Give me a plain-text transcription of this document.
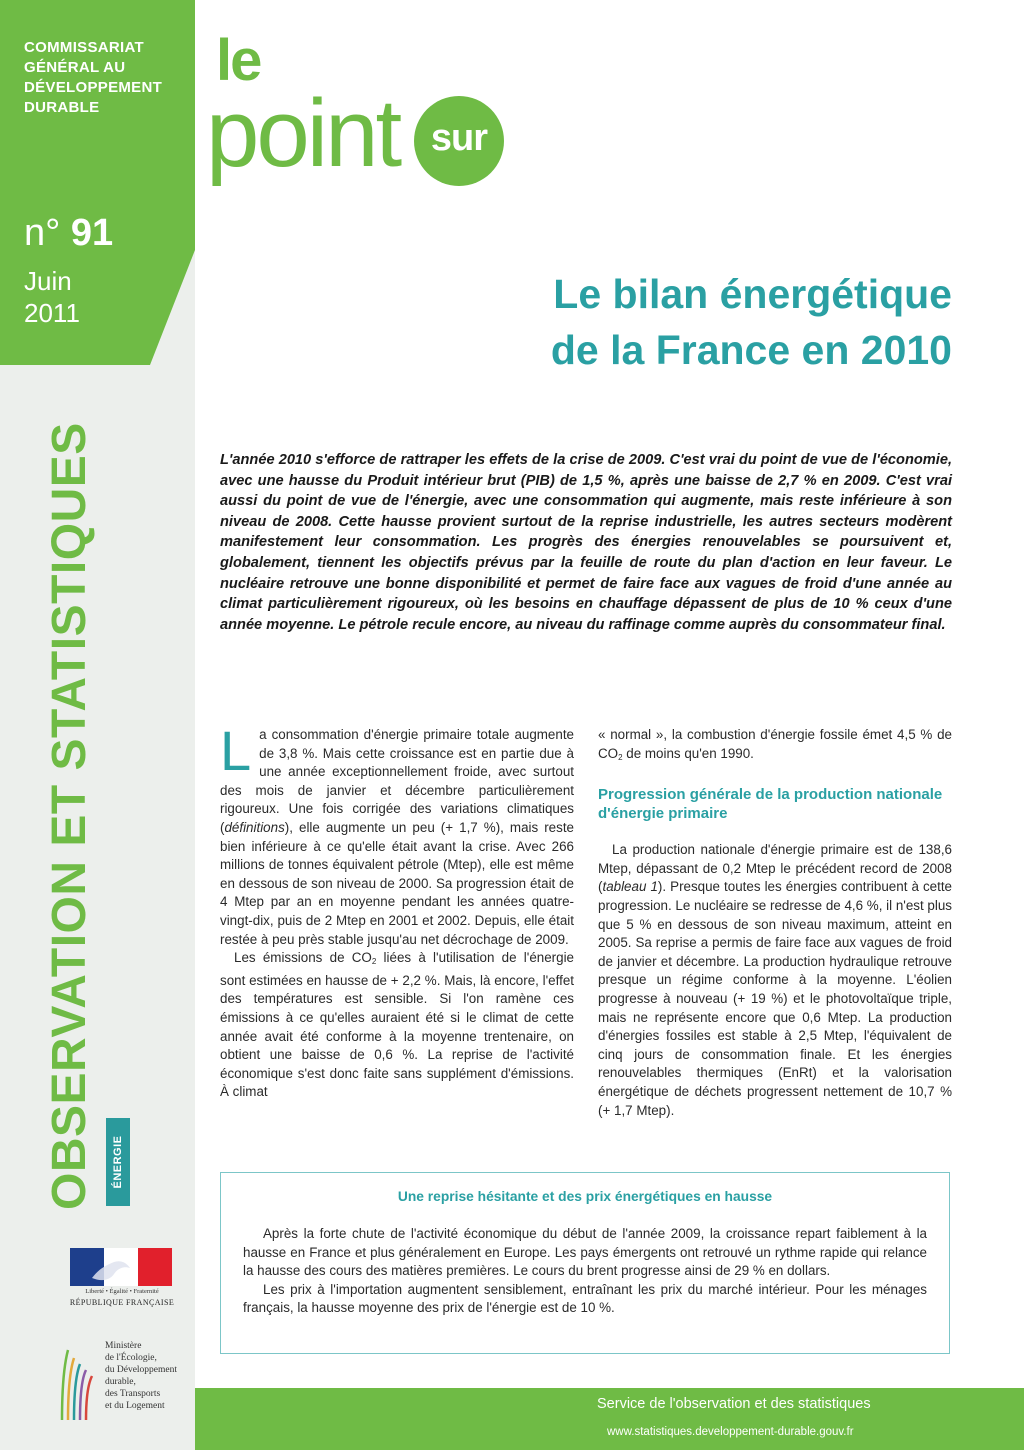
COMMISSARIAT
GÉNÉRAL AU
DÉVELOPPEMENT
DURABLE
n° 91
Juin
2011
OBSERVATION ET STATISTIQUES	ÉNERGIE
Liberté • Égalité • Fraternité
RÉPUBLIQUE FRANÇAISE
Ministère
de l'Écologie,
du Développement
durable,
des Transports
et du Logement
le
point sur
Le bilan énergétique
de la France en 2010
L'année 2010 s'efforce de rattraper les effets de la crise de 2009. C'est vrai du point de vue de l'économie, avec une hausse du Produit intérieur brut (PIB) de 1,5 %, après une baisse de 2,7 % en 2009. C'est vrai aussi du point de vue de l'énergie, avec une consommation qui augmente, mais reste inférieure à son niveau de 2008. Cette hausse provient surtout de la reprise industrielle, les autres secteurs modèrent manifestement leur consommation. Les progrès des énergies renouvelables se poursuivent et, globalement, tiennent les objectifs prévus par la feuille de route du plan d'action en leur faveur. Le nucléaire retrouve une bonne disponibilité et permet de faire face aux vagues de froid d'une année au climat particulièrement rigoureux, où les besoins en chauffage dépassent de plus de 10 % ceux d'une année moyenne. Le pétrole recule encore, au niveau du raffinage comme auprès du consommateur final.

La consommation d'énergie primaire totale augmente de 3,8 %. Mais cette croissance est en partie due à une année exceptionnellement froide, avec surtout des mois de janvier et décembre particulièrement rigoureux. Une fois corrigée des variations climatiques (définitions), elle augmente un peu (+ 1,7 %), mais reste bien inférieure à ce qu'elle était avant la crise. Avec 266 millions de tonnes équivalent pétrole (Mtep), elle est même en dessous de son niveau de 2000. Sa progression était de 4 Mtep par an en moyenne pendant les années quatre-vingt-dix, puis de 2 Mtep en 2001 et 2002. Depuis, elle était restée à peu près stable jusqu'au net décrochage de 2009.

Les émissions de $CO_2$ liées à l'utilisation de l'énergie sont estimées en hausse de + 2,2 %. Mais, là encore, l'effet des températures est sensible. Si l'on ramène ces émissions à ce qu'elles auraient été si le climat de cette année avait été conforme à la moyenne trentenaire, on obtient une baisse de 0,6 %. La reprise de l'activité économique s'est donc faite sans supplément d'émissions. À climat

« normal », la combustion d'énergie fossile émet 4,5 % de $CO_2$ de moins qu'en 1990.

Progression générale de la production nationale d'énergie primaire

La production nationale d'énergie primaire est de 138,6 Mtep, dépassant de 0,2 Mtep le précédent record de 2008 (tableau 1). Presque toutes les énergies contribuent à cette progression. Le nucléaire se redresse de 4,6 %, il n'est plus que 5 % en dessous de son niveau maximum, atteint en 2005. Sa reprise a permis de faire face aux vagues de froid de janvier et décembre. La production hydraulique retrouve presque un régime conforme à la moyenne. L'éolien progresse à nouveau (+ 19 %) et le photovoltaïque triple, mais ne représente encore que 0,6 Mtep. La production d'énergies fossiles est stable à 2,5 Mtep, l'équivalent de cinq jours de consommation finale. Et les énergies renouvelables thermiques (EnRt) et la valorisation énergétique de déchets progressent nettement de 10,7 % (+ 1,7 Mtep).

Une reprise hésitante et des prix énergétiques en hausse

Après la forte chute de l'activité économique du début de l'année 2009, la croissance repart faiblement à la hausse en France et plus généralement en Europe. Les pays émergents ont retrouvé un rythme rapide qui relance la hausse des cours des matières premières. Le cours du brent progresse ainsi de 29 % en dollars.

Les prix à l'importation augmentent sensiblement, entraînant les prix du marché intérieur. Pour les ménages français, la hausse moyenne des prix de l'énergie est de 10 %.

Service de l'observation et des statistiques
www.statistiques.developpement-durable.gouv.fr
